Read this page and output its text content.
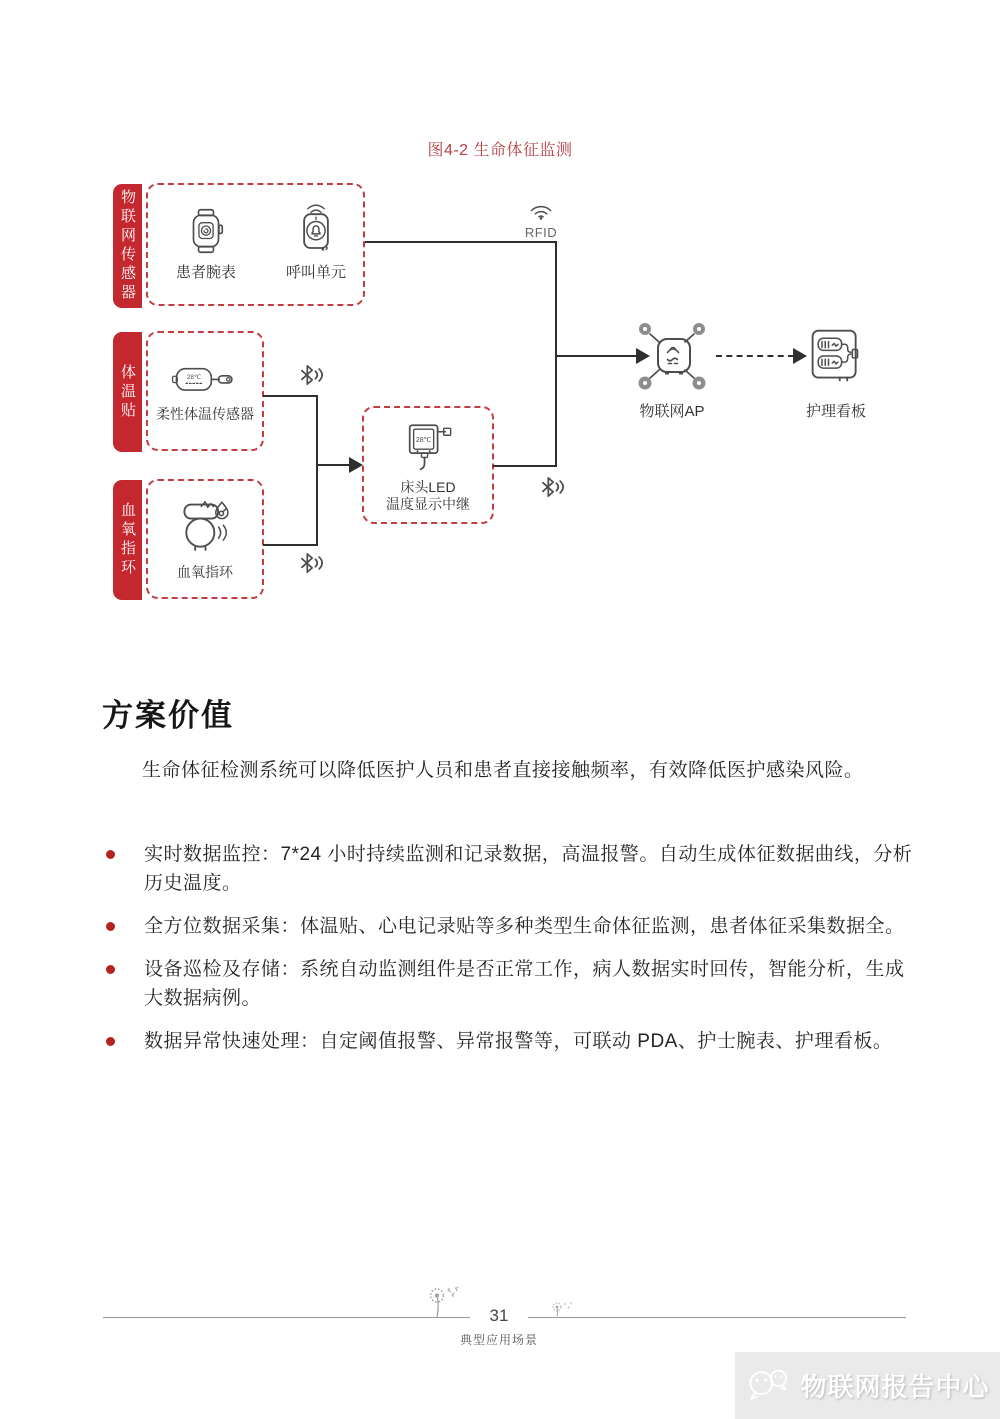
图4-2 生命体征监测
物联网传感器
体温贴
血氧指环
患者腕表	呼叫单元
28℃
柔性体温传感器
血氧指环
28℃
床头LED
温度显示中继
RFID
物联网AP	护理看板
方案价值

生命体征检测系统可以降低医护人员和患者直接接触频率，有效降低医护感染风险。

实时数据监控：7*24 小时持续监测和记录数据，高温报警。自动生成体征数据曲线，分析历史温度。
全方位数据采集：体温贴、心电记录贴等多种类型生命体征监测，患者体征采集数据全。
设备巡检及存储：系统自动监测组件是否正常工作，病人数据实时回传，智能分析，生成大数据病例。
数据异常快速处理：自定阈值报警、异常报警等，可联动 PDA、护士腕表、护理看板。
31
典型应用场景
物联网报告中心
